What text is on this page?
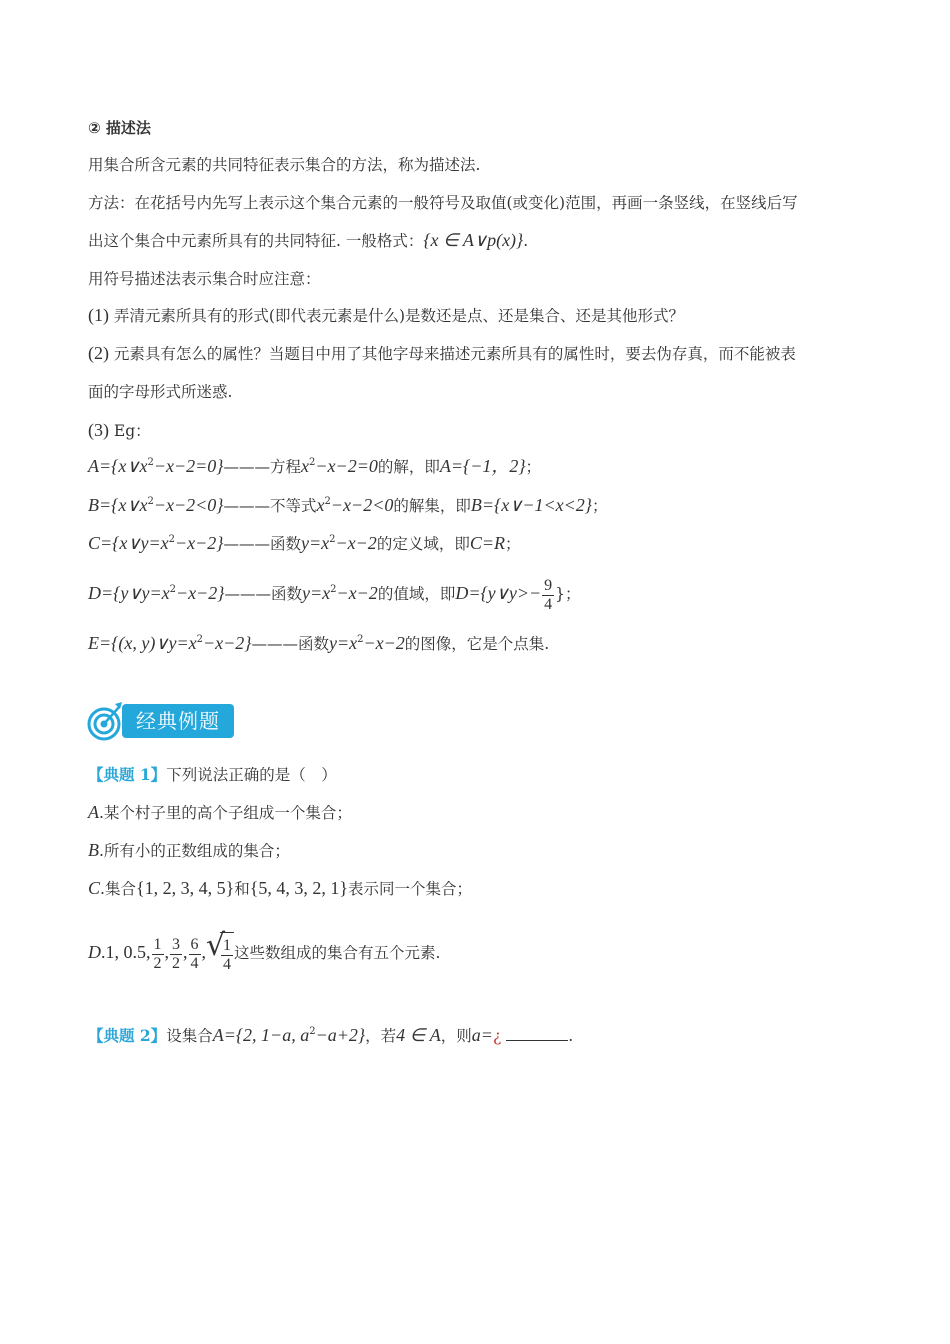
② 描述法
用集合所含元素的共同特征表示集合的方法，称为描述法.
方法：在花括号内先写上表示这个集合元素的一般符号及取值(或变化)范围，再画一条竖线，在竖线后写
出这个集合中元素所具有的共同特征. 一般格式：{x ∈ A∨p(x)}.
用符号描述法表示集合时应注意：
(1) 弄清元素所具有的形式(即代表元素是什么)是数还是点、还是集合、还是其他形式？
(2) 元素具有怎么的属性？当题目中用了其他字母来描述元素所具有的属性时，要去伪存真，而不能被表
面的字母形式所迷惑.
(3) Eg：
$A=\{x\vee x^2-x-2=0\}———$方程$x^2-x-2=0$的解，即A={−1，2}；
$B=\{x\vee x^2-x-2<0\}———$不等式$x^2-x-2<0$的解集，即B={x∨−1<x<2}；
$C=\{x\vee y=x^2-x-2\}———$函数$y=x^2-x-2$的定义域，即C=R；
$D=\{y\vee y=x^2-x-2\}———$函数$y=x^2-x-2$的值域，即D={y∨y>− $\frac{9}{4}$ }；
E={(x, $y)\vee y=x^2-x-2\}———$函数$y=x^2-x-2$的图像，它是个点集.
经典例题
【典题 1】下列说法正确的是（　）
A.某个村子里的高个子组成一个集合；
B.所有小的正数组成的集合；
C.集合{1, 2, 3, 4, 5}和{5, 4, 3, 2, 1}表示同一个集合；
D.1, 0.5, $\frac{1}{2}$ , $\frac{3}{2}$ , $\frac{6}{4}$ , √
$\frac{1}{4}$ 这些数组成的集合有五个元素.
【典题 2】设集合A={2, 1−a, $a^2-a+2$}，若4 ∈ A，则a=¿	.
